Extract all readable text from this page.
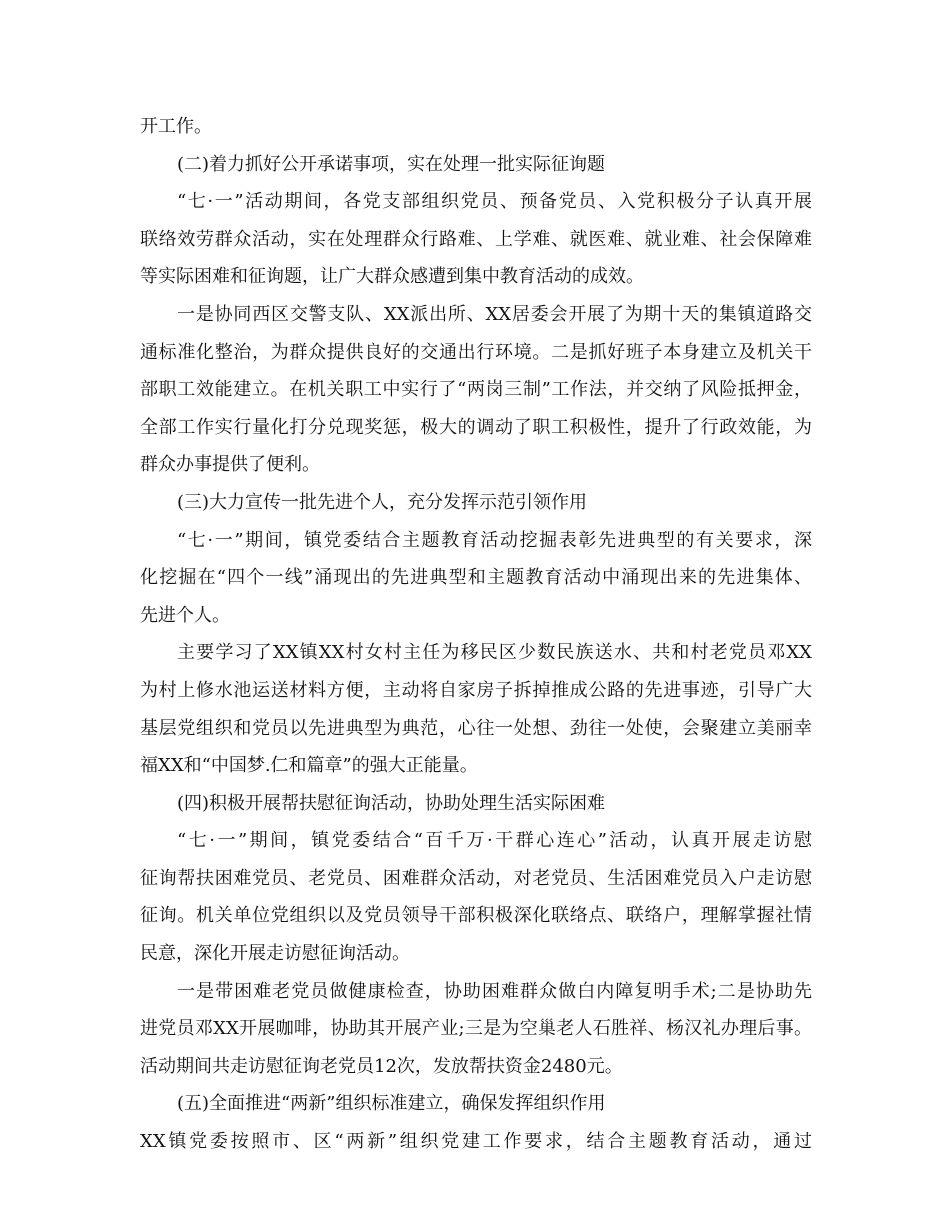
开工作。
(二)着力抓好公开承诺事项，实在处理一批实际征询题
“七·一”活动期间，各党支部组织党员、预备党员、入党积极分子认真开展
联络效劳群众活动，实在处理群众行路难、上学难、就医难、就业难、社会保障难
等实际困难和征询题，让广大群众感遭到集中教育活动的成效。
一是协同西区交警支队、XX派出所、XX居委会开展了为期十天的集镇道路交
通标准化整治，为群众提供良好的交通出行环境。二是抓好班子本身建立及机关干
部职工效能建立。在机关职工中实行了“两岗三制”工作法，并交纳了风险抵押金，
全部工作实行量化打分兑现奖惩，极大的调动了职工积极性，提升了行政效能，为
群众办事提供了便利。
(三)大力宣传一批先进个人，充分发挥示范引领作用
“七·一”期间，镇党委结合主题教育活动挖掘表彰先进典型的有关要求，深
化挖掘在“四个一线”涌现出的先进典型和主题教育活动中涌现出来的先进集体、
先进个人。
主要学习了XX镇XX村女村主任为移民区少数民族送水、共和村老党员邓XX
为村上修水池运送材料方便，主动将自家房子拆掉推成公路的先进事迹，引导广大
基层党组织和党员以先进典型为典范，心往一处想、劲往一处使，会聚建立美丽幸
福XX和“中国梦.仁和篇章”的强大正能量。
(四)积极开展帮扶慰征询活动，协助处理生活实际困难
“七·一”期间，镇党委结合“百千万·干群心连心”活动，认真开展走访慰
征询帮扶困难党员、老党员、困难群众活动，对老党员、生活困难党员入户走访慰
征询。机关单位党组织以及党员领导干部积极深化联络点、联络户，理解掌握社情
民意，深化开展走访慰征询活动。
一是带困难老党员做健康检查，协助困难群众做白内障复明手术;二是协助先
进党员邓XX开展咖啡，协助其开展产业;三是为空巢老人石胜祥、杨汉礼办理后事。
活动期间共走访慰征询老党员12次，发放帮扶资金2480元。
(五)全面推进“两新”组织标准建立，确保发挥组织作用
XX镇党委按照市、区“两新”组织党建工作要求，结合主题教育活动，通过
